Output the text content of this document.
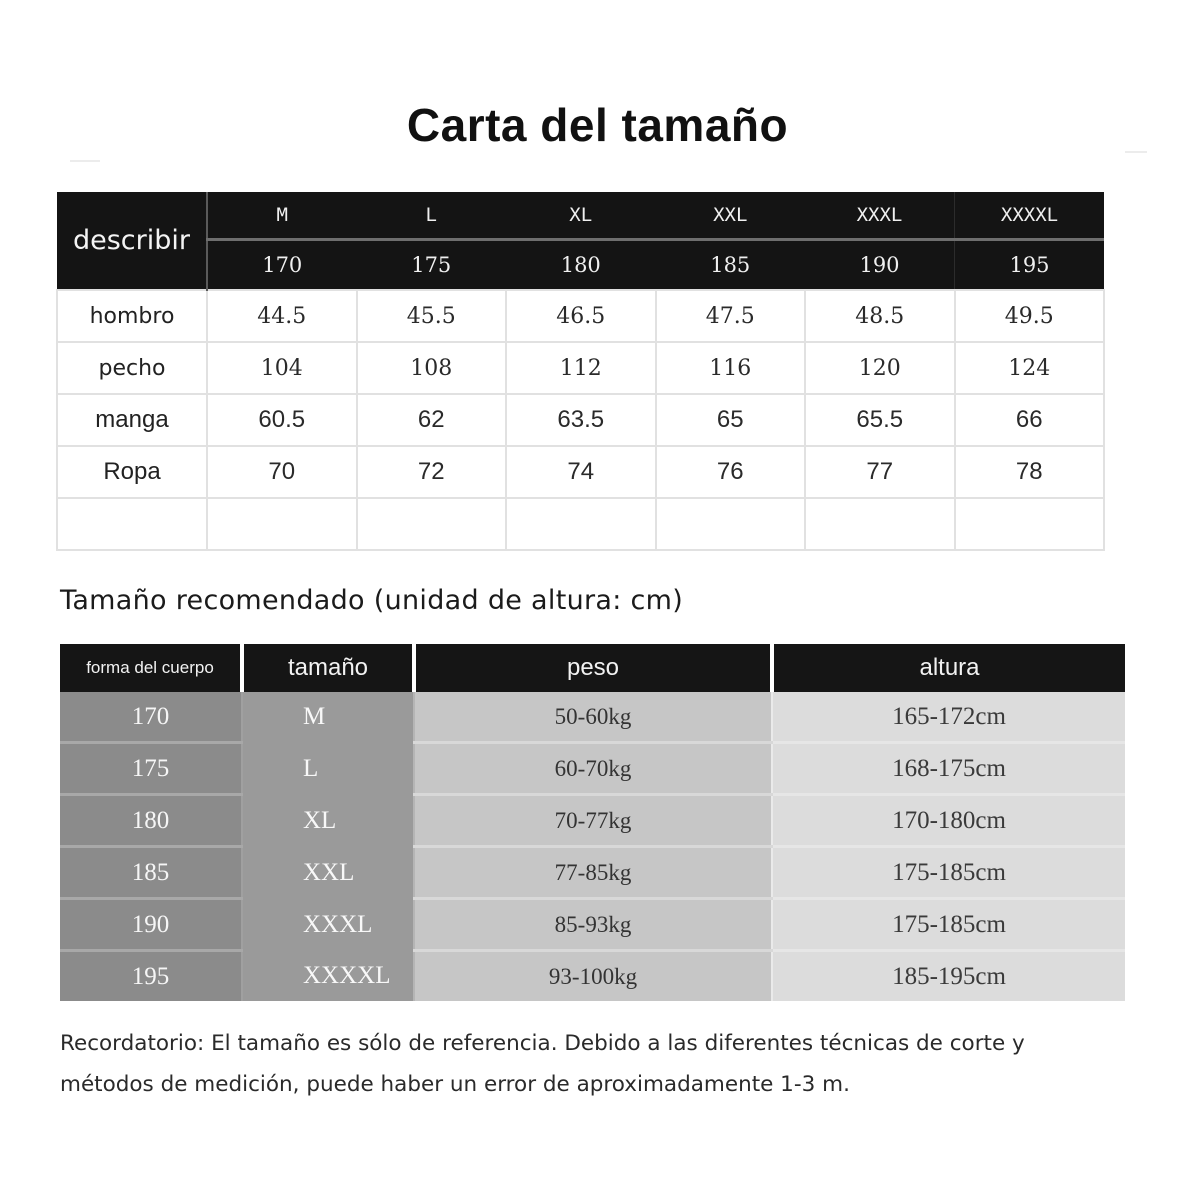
Carta del tamaño
describir	M	L	XL	XXL	XXXL	XXXXL
	170	175	180	185	190	195
hombro	44.5	45.5	46.5	47.5	48.5	49.5
pecho	104	108	112	116	120	124
manga	60.5	62	63.5	65	65.5	66
Ropa	70	72	74	76	77	78

Tamaño recomendado (unidad de altura: cm)
forma del cuerpo	tamaño	peso	altura
170	M	50-60kg	165-172cm
175	L	60-70kg	168-175cm
180	XL	70-77kg	170-180cm
185	XXL	77-85kg	175-185cm
190	XXXL	85-93kg	175-185cm
195	XXXXL	93-100kg	185-195cm
Recordatorio: El tamaño es sólo de referencia. Debido a las diferentes técnicas de corte y métodos de medición, puede haber un error de aproximadamente 1-3 m.
